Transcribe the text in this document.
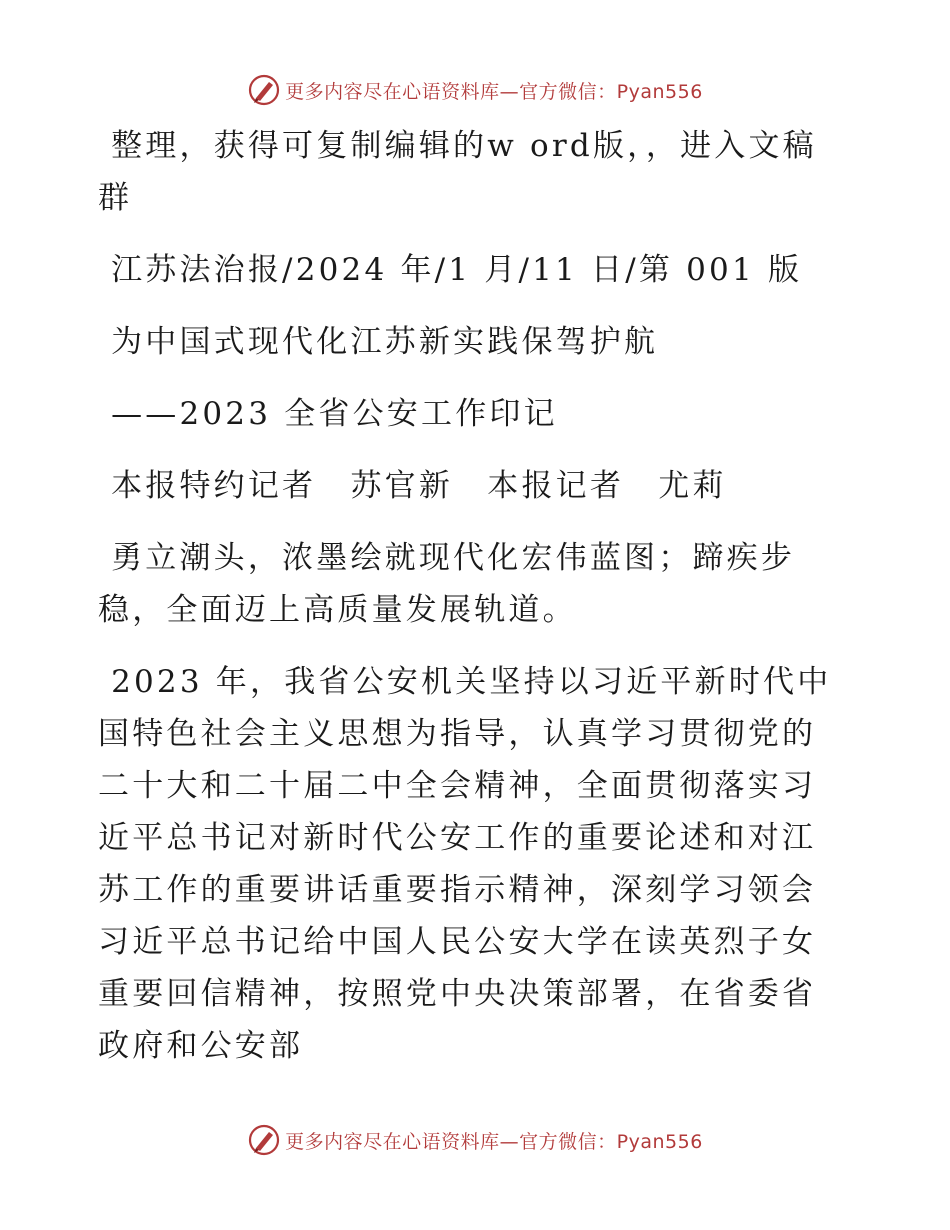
更多内容尽在心语资料库—官方微信：Pyan556

整理，获得可复制编辑的w ord版，，进入文稿群

江苏法治报/2024 年/1 月/11 日/第 001 版

为中国式现代化江苏新实践保驾护航

——2023 全省公安工作印记

本报特约记者　苏官新　本报记者　尤莉

勇立潮头，浓墨绘就现代化宏伟蓝图；蹄疾步稳，全面迈上高质量发展轨道。

2023 年，我省公安机关坚持以习近平新时代中国特色社会主义思想为指导，认真学习贯彻党的二十大和二十届二中全会精神，全面贯彻落实习近平总书记对新时代公安工作的重要论述和对江苏工作的重要讲话重要指示精神，深刻学习领会习近平总书记给中国人民公安大学在读英烈子女重要回信精神，按照党中央决策部署，在省委省政府和公安部

更多内容尽在心语资料库—官方微信：Pyan556
